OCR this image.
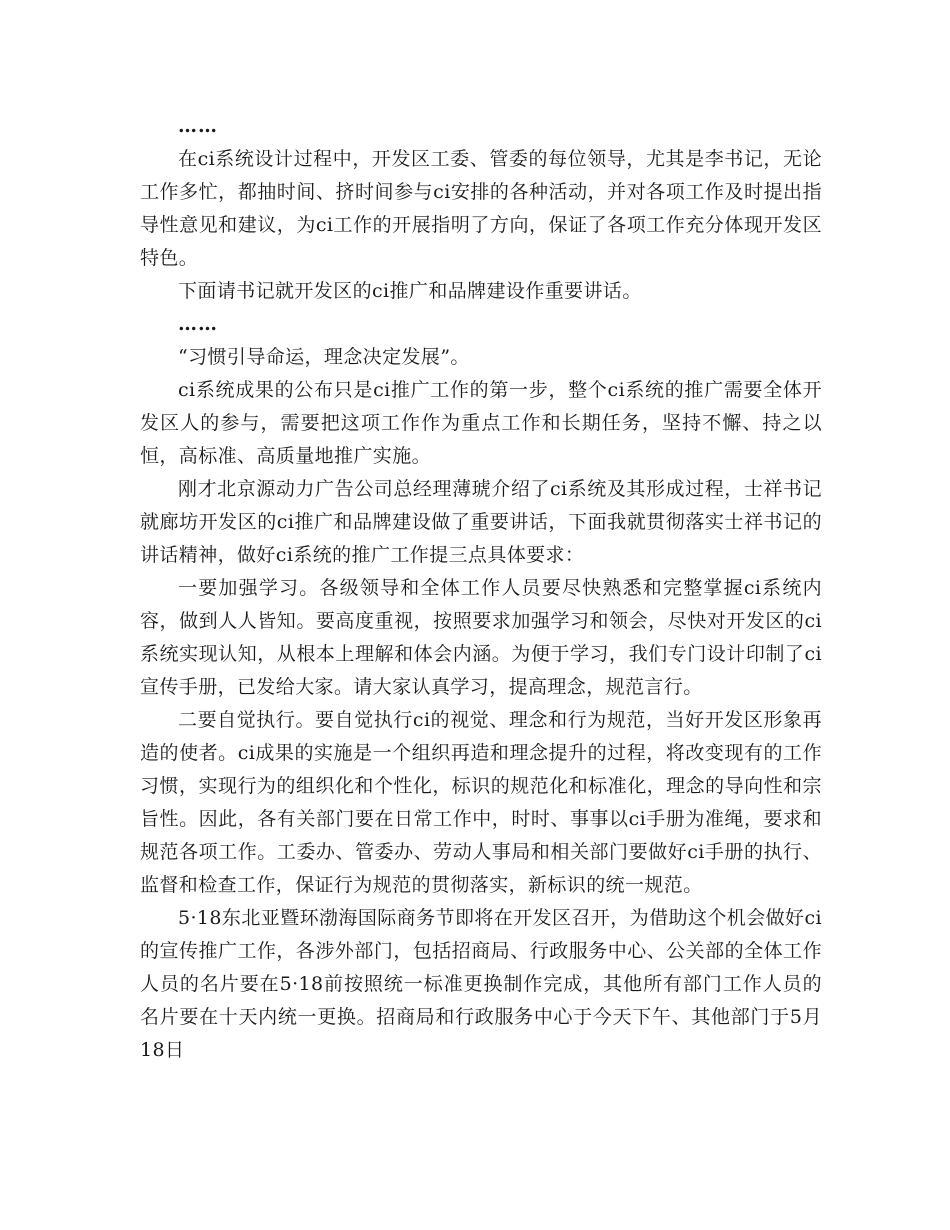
……

在ci系统设计过程中，开发区工委、管委的每位领导，尤其是李书记，无论工作多忙，都抽时间、挤时间参与ci安排的各种活动，并对各项工作及时提出指导性意见和建议，为ci工作的开展指明了方向，保证了各项工作充分体现开发区特色。

下面请书记就开发区的ci推广和品牌建设作重要讲话。

……

“习惯引导命运，理念决定发展”。

ci系统成果的公布只是ci推广工作的第一步，整个ci系统的推广需要全体开发区人的参与，需要把这项工作作为重点工作和长期任务，坚持不懈、持之以恒，高标准、高质量地推广实施。

刚才北京源动力广告公司总经理薄琥介绍了ci系统及其形成过程，士祥书记就廊坊开发区的ci推广和品牌建设做了重要讲话，下面我就贯彻落实士祥书记的讲话精神，做好ci系统的推广工作提三点具体要求：

一要加强学习。各级领导和全体工作人员要尽快熟悉和完整掌握ci系统内容，做到人人皆知。要高度重视，按照要求加强学习和领会，尽快对开发区的ci系统实现认知，从根本上理解和体会内涵。为便于学习，我们专门设计印制了ci宣传手册，已发给大家。请大家认真学习，提高理念，规范言行。

二要自觉执行。要自觉执行ci的视觉、理念和行为规范，当好开发区形象再造的使者。ci成果的实施是一个组织再造和理念提升的过程，将改变现有的工作习惯，实现行为的组织化和个性化，标识的规范化和标准化，理念的导向性和宗旨性。因此，各有关部门要在日常工作中，时时、事事以ci手册为准绳，要求和规范各项工作。工委办、管委办、劳动人事局和相关部门要做好ci手册的执行、监督和检查工作，保证行为规范的贯彻落实，新标识的统一规范。

5·18东北亚暨环渤海国际商务节即将在开发区召开，为借助这个机会做好ci的宣传推广工作，各涉外部门，包括招商局、行政服务中心、公关部的全体工作人员的名片要在5·18前按照统一标准更换制作完成，其他所有部门工作人员的名片要在十天内统一更换。招商局和行政服务中心于今天下午、其他部门于5月18日
